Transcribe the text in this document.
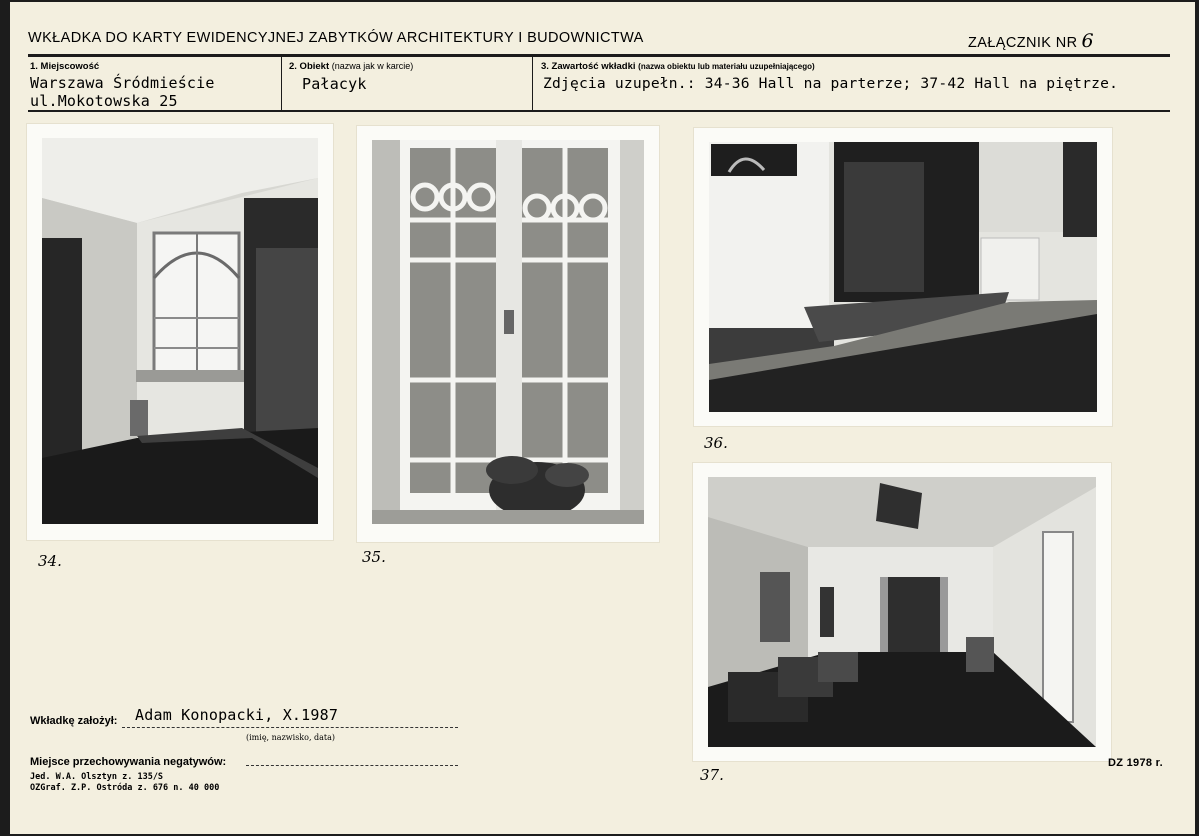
WKŁADKA DO KARTY EWIDENCYJNEJ ZABYTKÓW ARCHITEKTURY I BUDOWNICTWA	ZAŁĄCZNIK NR 6
1. Miejscowość
Warszawa Śródmieście
ul.Mokotowska 25
2. Obiekt (nazwa jak w karcie)
Pałacyk
3. Zawartość wkładki (nazwa obiektu lub materiału uzupełniającego)
Zdjęcia uzupełn.: 34-36 Hall na parterze; 37-42 Hall na piętrze.
34.	35.
36.
37.
Wkładkę założył: Adam Konopacki, X.1987
(imię, nazwisko, data)
Miejsce przechowywania negatywów:
Jed. W.A. Olsztyn z. 135/S
OZGraf. Z.P. Ostróda z. 676 n. 40 000
DZ 1978 r.
